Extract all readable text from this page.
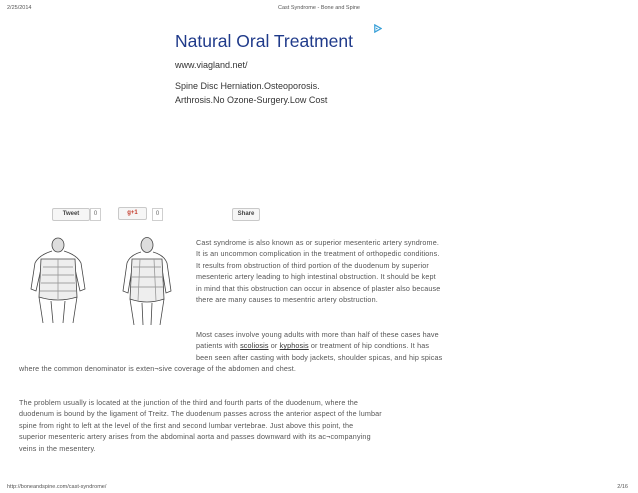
2/25/2014	Cast Syndrome - Bone and Spine
Natural Oral Treatment
www.viagland.net/
Spine Disc Herniation.Osteoporosis.
Arthrosis.No Ozone-Surgery.Low Cost
Tweet	0	g+1	0	Share
Cast syndrome is also known as or superior mesenteric artery syndrome.
It is an uncommon complication in the treatment of orthopedic conditions.
It results from obstruction of third portion of the duodenum by superior
mesenteric artery leading to high intestinal obstruction. It should be kept
in mind that this obstruction can occur in absence of plaster also because
there are many causes to mesentric artery obstruction.
Most cases involve young adults with more than half of these cases have
patients with scoliosis or kyphosis or treatment of hip condtions. It has
been seen after casting with body jackets, shoulder spicas, and hip spicas
where the common denominator is exten¬sive coverage of the abdomen and chest.
The problem usually is located at the junction of the third and fourth parts of the duodenum, where the
duodenum is bound by the ligament of Treitz. The duodenum passes across the anterior aspect of the lumbar
spine from right to left at the level of the first and second lumbar vertebrae. Just above this point, the
superior mesenteric artery arises from the abdominal aorta and passes downward with its ac¬companying
veins in the mesentery.
http://boneandspine.com/cast-syndrome/	2/16
